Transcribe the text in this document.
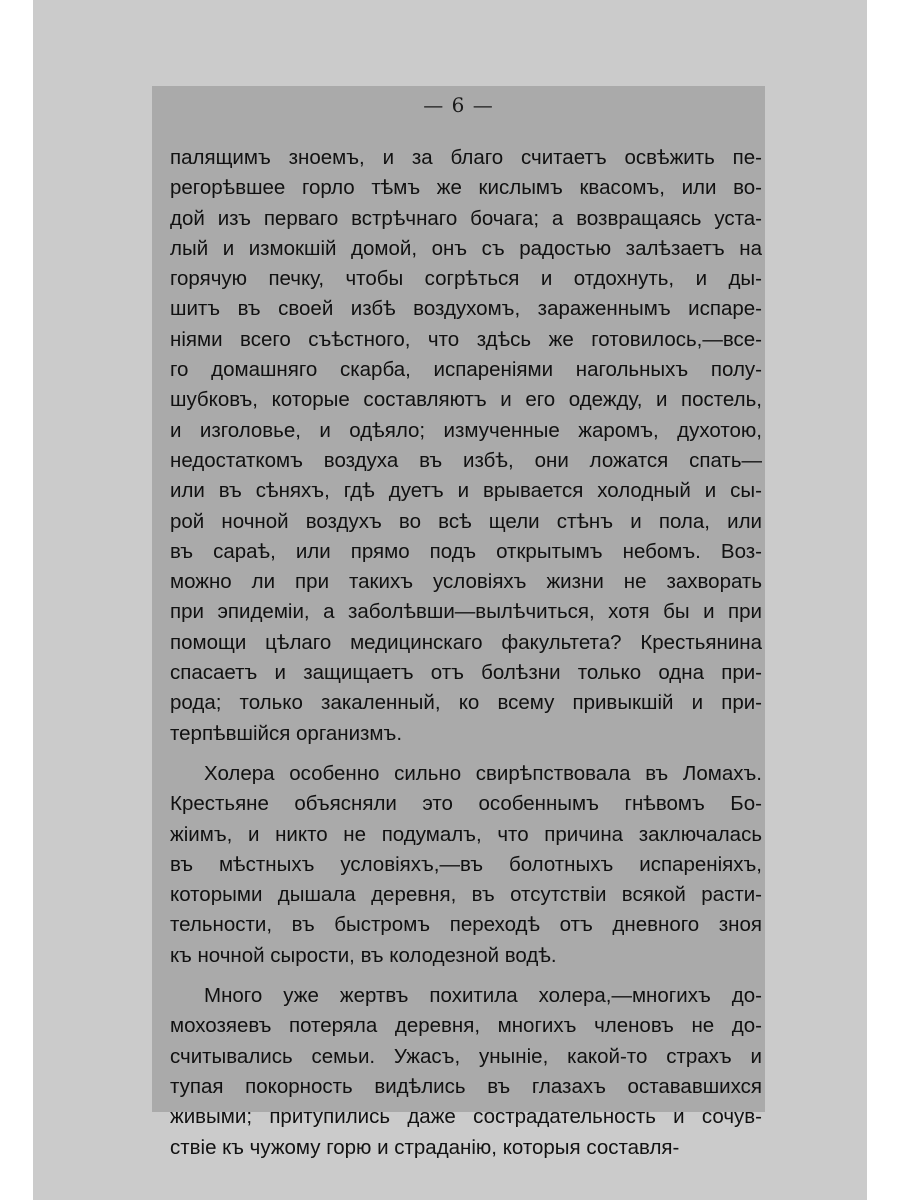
— 6 —
палящимъ зноемъ, и за благо считаетъ освѣжить пе-
регорѣвшее горло тѣмъ же кислымъ квасомъ, или во-
дой изъ перваго встрѣчнаго бочага; а возвращаясь уста-
лый и измокшій домой, онъ съ радостью залѣзаетъ на
горячую печку, чтобы согрѣться и отдохнуть, и ды-
шитъ въ своей избѣ воздухомъ, зараженнымъ испаре-
ніями всего съѣстного, что здѣсь же готовилось,—все-
го домашняго скарба, испареніями нагольныхъ полу-
шубковъ, которые составляютъ и его одежду, и постель,
и изголовье, и одѣяло; измученные жаромъ, духотою,
недостаткомъ воздуха въ избѣ, они ложатся спать—
или въ сѣняхъ, гдѣ дуетъ и врывается холодный и сы-
рой ночной воздухъ во всѣ щели стѣнъ и пола, или
въ сараѣ, или прямо подъ открытымъ небомъ. Воз-
можно ли при такихъ условіяхъ жизни не захворать
при эпидеміи, а заболѣвши—вылѣчиться, хотя бы и при
помощи цѣлаго медицинскаго факультета? Крестьянина
спасаетъ и защищаетъ отъ болѣзни только одна при-
рода; только закаленный, ко всему привыкшій и при-
терпѣвшійся организмъ.
Холера особенно сильно свирѣпствовала въ Ломахъ.
Крестьяне объясняли это особеннымъ гнѣвомъ Бо-
жіимъ, и никто не подумалъ, что причина заключалась
въ мѣстныхъ условіяхъ,—въ болотныхъ испареніяхъ,
которыми дышала деревня, въ отсутствіи всякой расти-
тельности, въ быстромъ переходѣ отъ дневного зноя
къ ночной сырости, въ колодезной водѣ.
Много уже жертвъ похитила холера,—многихъ до-
мохозяевъ потеряла деревня, многихъ членовъ не до-
считывались семьи. Ужасъ, уныніе, какой-то страхъ и
тупая покорность видѣлись въ глазахъ остававшихся
живыми; притупились даже сострадательность и сочув-
ствіе къ чужому горю и страданію, которыя составля-
